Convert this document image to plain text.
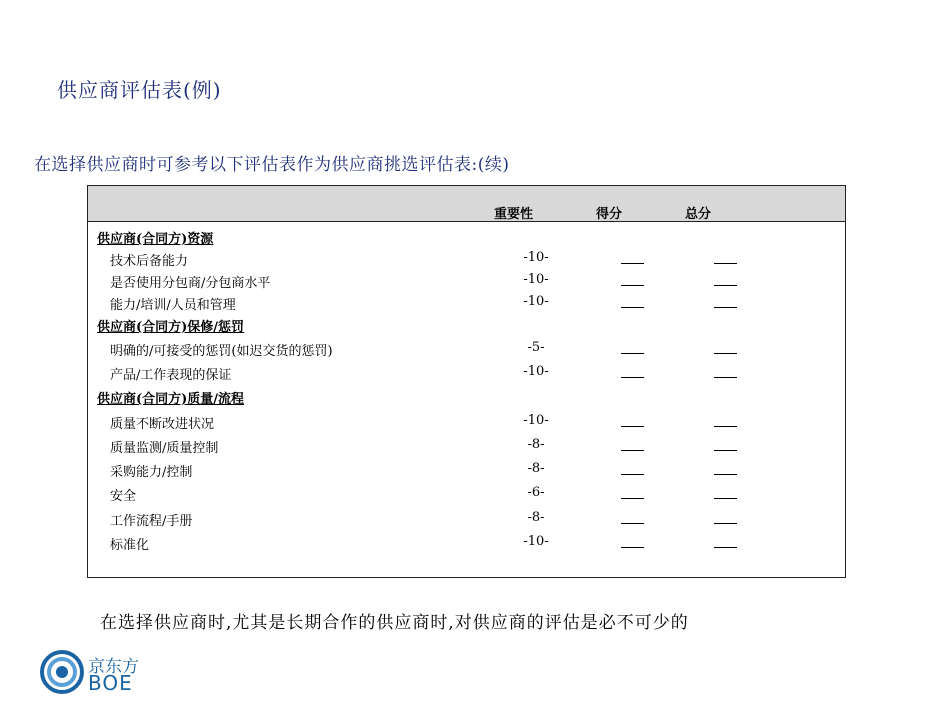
供应商评估表(例)
在选择供应商时可参考以下评估表作为供应商挑选评估表:(续)
重要性	得分	总分
供应商(合同方)资源
技术后备能力	-10-
是否使用分包商/分包商水平	-10-
能力/培训/人员和管理	-10-
供应商(合同方)保修/惩罚
明确的/可接受的惩罚(如迟交货的惩罚)	-5-
产品/工作表现的保证	-10-
供应商(合同方)质量/流程
质量不断改进状况	-10-
质量监测/质量控制	-8-
采购能力/控制	-8-
安全	-6-
工作流程/手册	-8-
标准化	-10-
在选择供应商时,尤其是长期合作的供应商时,对供应商的评估是必不可少的
京东方
BOE
